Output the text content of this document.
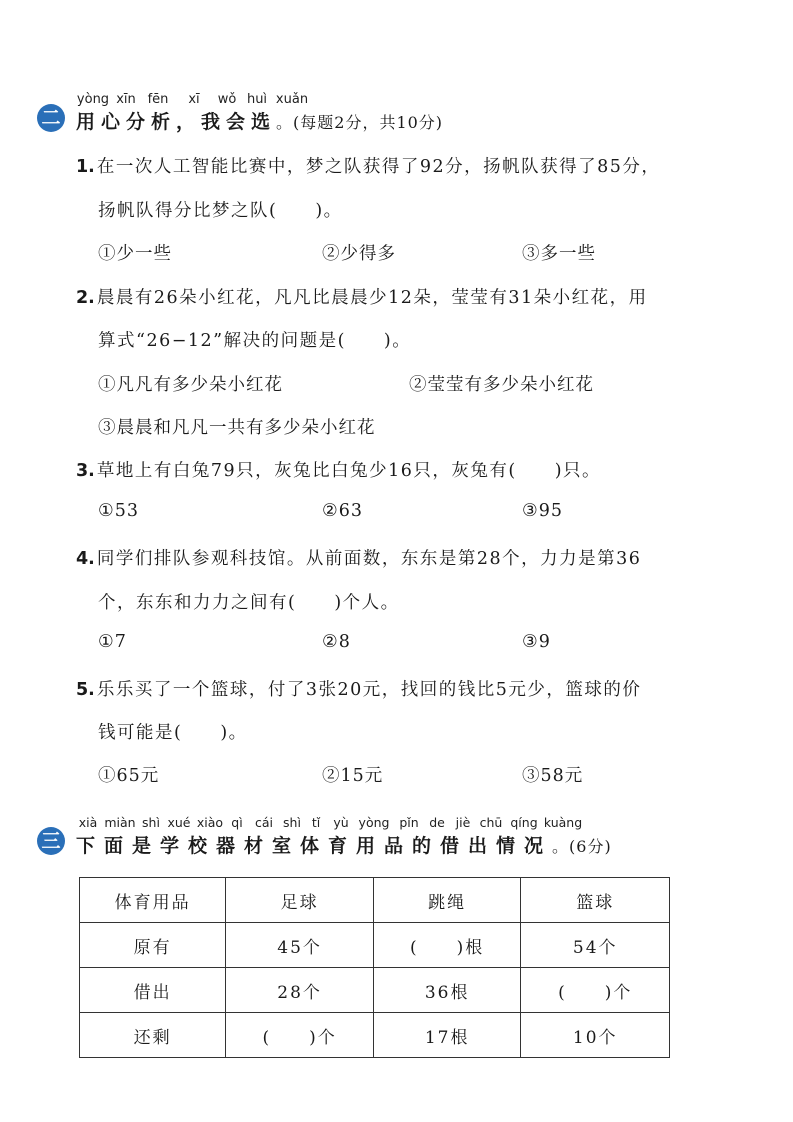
二
yòng xīn fēn	xī	wǒ huì xuǎn
用心分析，我会选。(每题2分，共10分)
1. 在一次人工智能比赛中，梦之队获得了92分，扬帆队获得了85分，
扬帆队得分比梦之队(　　)。
①少一些	②少得多	③多一些
2. 晨晨有26朵小红花，凡凡比晨晨少12朵，莹莹有31朵小红花，用
算式“26−12”解决的问题是(　　)。
①凡凡有多少朵小红花	②莹莹有多少朵小红花
③晨晨和凡凡一共有多少朵小红花
3. 草地上有白兔79只，灰兔比白兔少16只，灰兔有(　　)只。
①53	②63	③95
4. 同学们排队参观科技馆。从前面数，东东是第28个，力力是第36
个，东东和力力之间有(　　)个人。
①7	②8	③9
5. 乐乐买了一个篮球，付了3张20元，找回的钱比5元少，篮球的价
钱可能是(　　)。
①65元	②15元	③58元
三
xià miàn shì xué xiào qì cái shì tǐ	yù yòng pǐn de jiè chū qíng kuàng
下面是学校器材室体育用品的借出情况。(6分)
体育用品	足球	跳绳	篮球
原有	45个	(　　)根	54个
借出	28个	36根	(　　)个
还剩	(　　)个	17根	10个
